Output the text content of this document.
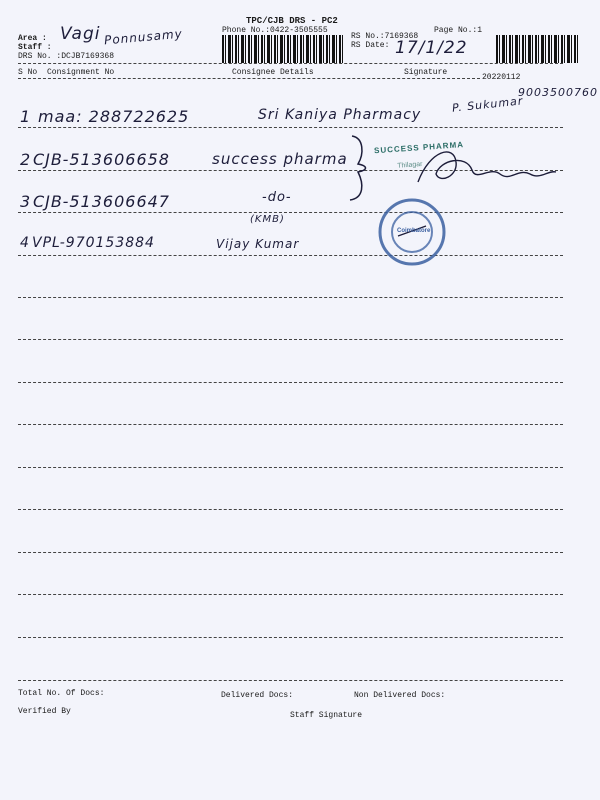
TPC/CJB DRS - PC2
Phone No.:0422-3505555	Page No.:1
Area : Vagi
Staff :
Ponnusamy
DRS No. :DCJB7169368
RS No.:7169368
RS Date: 17/1/22
S No Consignment No	Consignee Details	Signature
20220112
9003500760
1 maa: 288722625	Sri Kaniya Pharmacy
P. Sukumar
2 CJB-513606658	success pharma
3 CJB-513606647	-do-
(KMB)
4 VPL-970153884	Vijay Kumar
SUCCESS PHARMA
Thilagar
Coimbatore
Total No. Of Docs:	Delivered Docs:	Non Delivered Docs:
Verified By	Staff Signature
